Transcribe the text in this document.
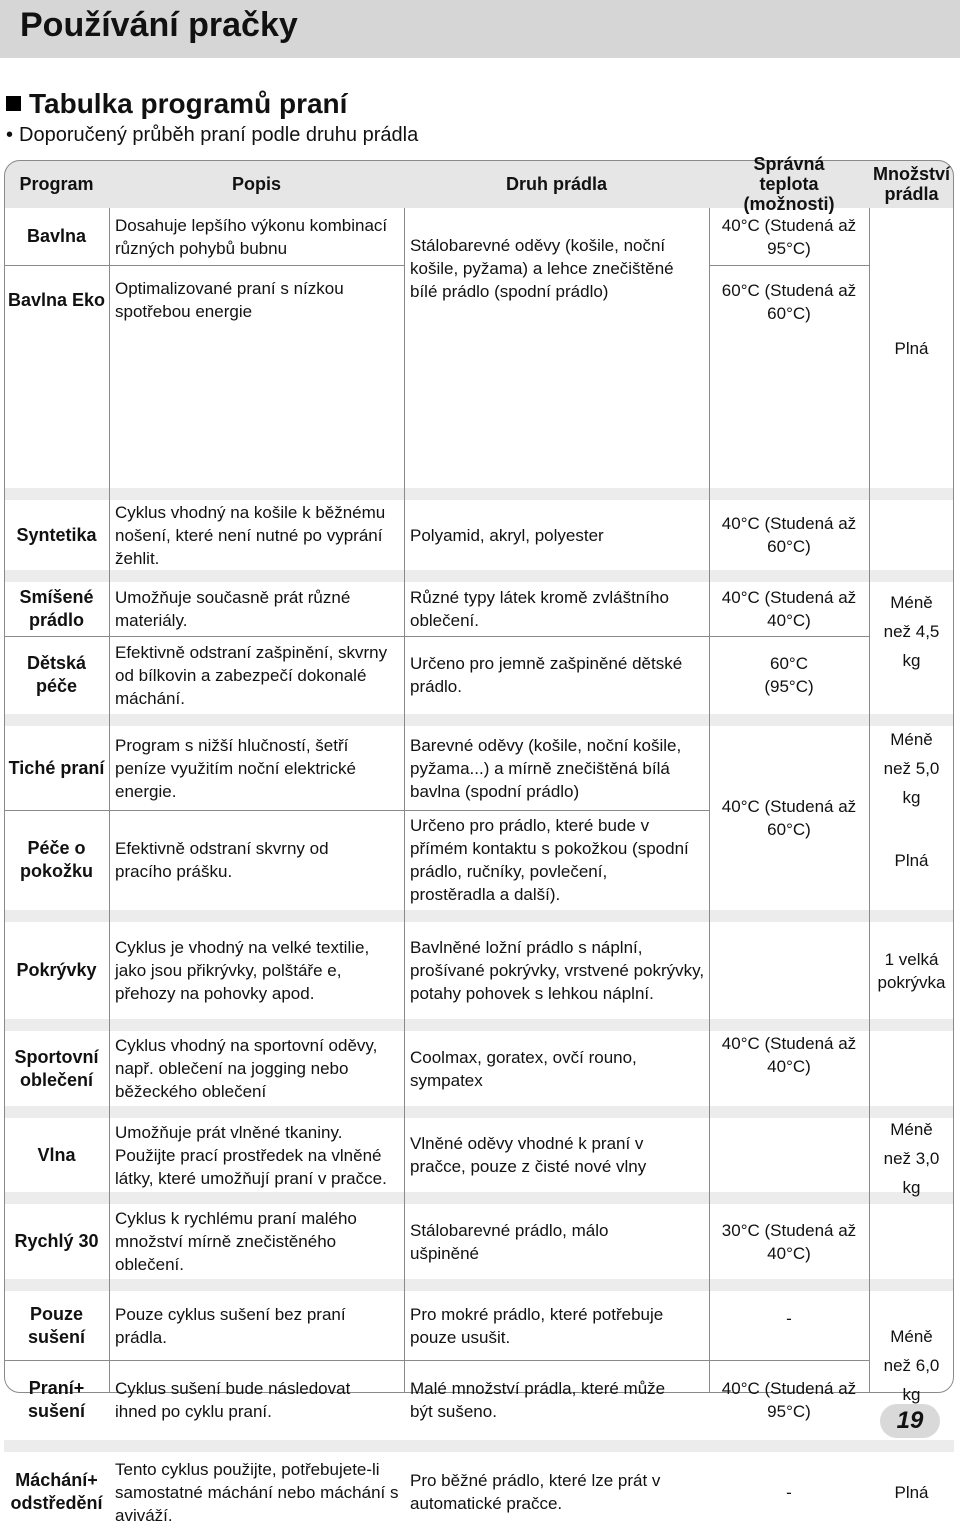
Používání pračky
Tabulka programů praní
• Doporučený průběh praní podle druhu prádla
Program	Popis	Druh prádla
Správná teplota (možnosti)
Množství prádla
Bavlna
Bavlna Eko
Syntetika
Smíšené prádlo
Dětská péče
Tiché praní
Péče o pokožku
Pokrývky
Sportovní oblečení
Vlna
Rychlý 30
Pouze sušení
Praní+ sušení
Máchání+ odstředění
Dosahuje lepšího výkonu kombinací různých pohybů bubnu
Optimalizované praní s nízkou spotřebou energie
Cyklus vhodný na košile k běžnému nošení, které není nutné po vyprání žehlit.
Umožňuje současně prát různé materiály.
Efektivně odstraní zašpinění, skvrny od bílkovin a zabezpečí dokonalé máchání.
Program s nižší hlučností, šetří peníze využitím noční elektrické energie.
Efektivně odstraní skvrny od pracího prášku.
Cyklus je vhodný na velké textilie, jako jsou přikrývky, polštáře e, přehozy na pohovky apod.
Cyklus vhodný na sportovní oděvy, např. oblečení na jogging nebo běžeckého oblečení
Umožňuje prát vlněné tkaniny. Použijte prací prostředek na vlněné látky, které umožňují praní v pračce.
Cyklus k rychlému praní malého množství mírně znečistěného oblečení.
Pouze cyklus sušení bez praní prádla.
Cyklus sušení bude následovat ihned po cyklu praní.
Tento cyklus použijte, potřebujete-li samostatné máchání nebo máchání s aviváží.
Stálobarevné oděvy (košile, noční košile, pyžama) a lehce znečištěné bílé prádlo (spodní prádlo)
Polyamid, akryl, polyester
Různé typy látek kromě zvláštního oblečení.
Určeno pro jemně zašpiněné dětské prádlo.
Barevné oděvy (košile, noční košile, pyžama...) a mírně znečištěná bílá bavlna (spodní prádlo)
Určeno pro prádlo, které bude v přímém kontaktu s pokožkou (spodní prádlo, ručníky, povlečení, prostěradla a další).
Bavlněné ložní prádlo s náplní, prošívané pokrývky, vrstvené pokrývky, potahy pohovek s lehkou náplní.
Coolmax, goratex, ovčí rouno, sympatex
Vlněné oděvy vhodné k praní v pračce, pouze z čisté nové vlny
Stálobarevné prádlo, málo ušpiněné
Pro mokré prádlo, které potřebuje pouze usušit.
Malé množství prádla, které může být sušeno.
Pro běžné prádlo, které lze prát v automatické pračce.
40°C (Studená až 95°C)
60°C (Studená až 60°C)
40°C (Studená až 60°C)
40°C (Studená až 40°C)
60°C (95°C)
40°C (Studená až 60°C)
40°C (Studená až 40°C)
30°C (Studená až 40°C)
-
40°C (Studená až 95°C)
-
Plná
Méně než 4,5 kg
Méně než 5,0 kg
Plná
1 velká pokrývka
Méně než 3,0 kg
Méně než 6,0 kg
Plná
19
